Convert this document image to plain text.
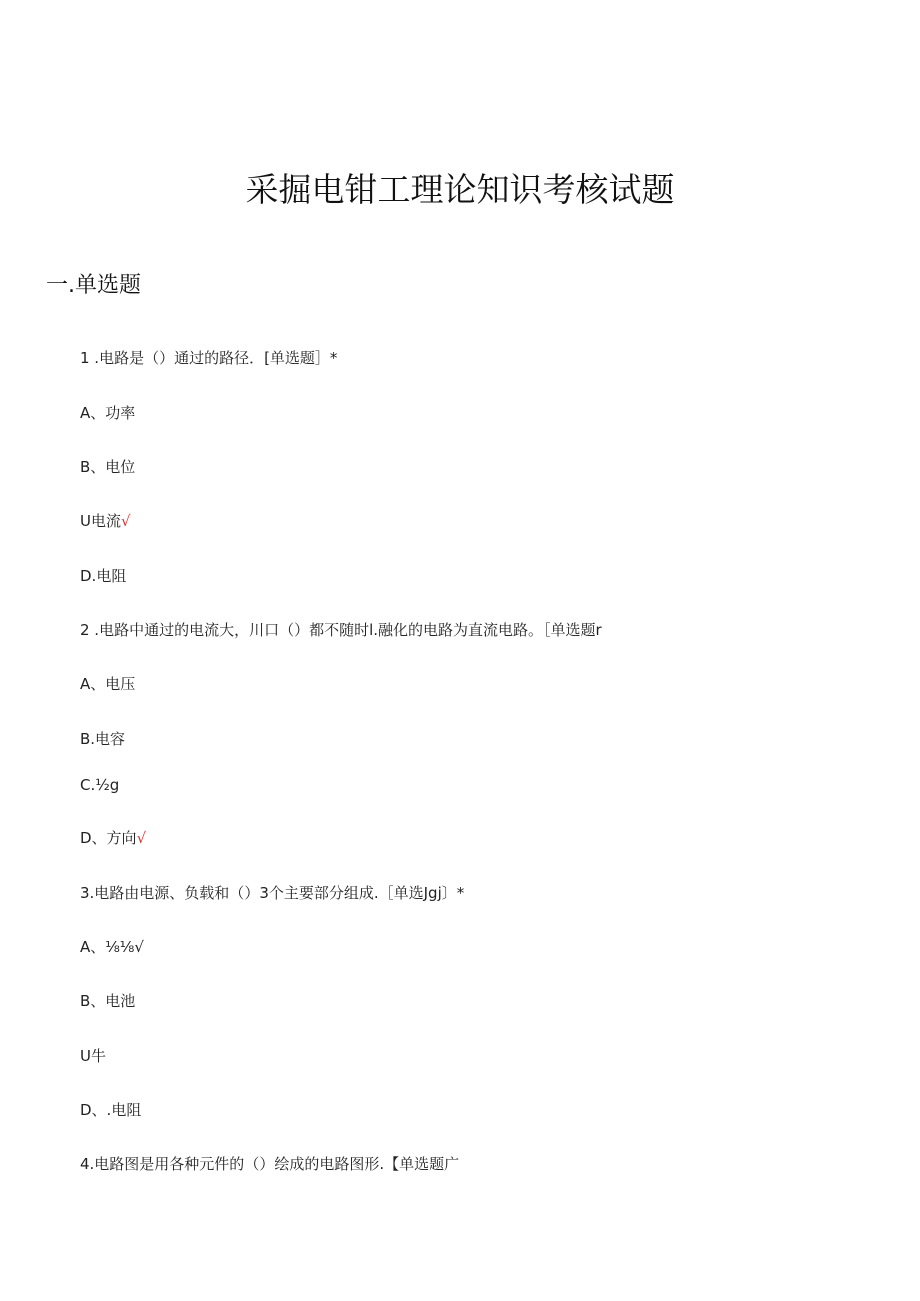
采掘电钳工理论知识考核试题
一.单选题
1 .电路是（）通过的路径．[单选题］*
A、功率
B、电位
U电流√
D.电阻
2 .电路中通过的电流大，川口（）都不随时l.融化的电路为直流电路。［单选题r
A、电压
B.电容
C.½g
D、方向√
3.电路由电源、负载和（）3个主要部分组成.［单选Jgj〕*
A、⅛⅛√
B、电池
U牛
D、.电阻
4.电路图是用各种元件的（）绘成的电路图形.【单选题广
